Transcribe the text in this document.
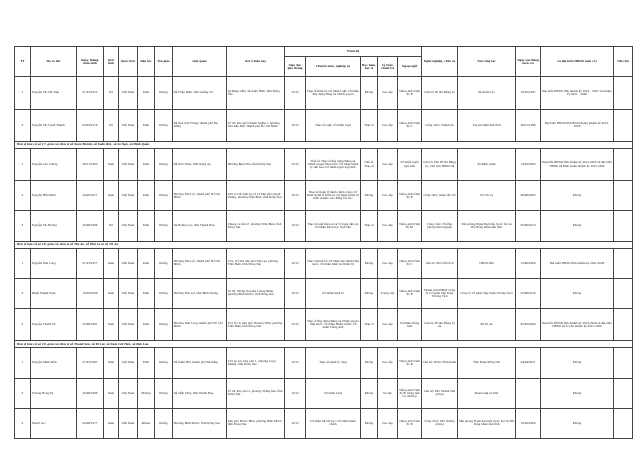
TT	Họ và tên	Ngày, tháng, năm sinh	Giới tính	Quốc tịch	Dân tộc	Tôn giáo	Quê quán	Nơi ở hiện nay	Trình độ					Nghề nghiệp, chức vụ	Nơi công tác	Ngày vào Đảng (nếu có)	Là đại biểu HĐND (nếu có)	Ghi chú
									Giáo dục phổ thông	Chuyên môn, nghiệp vụ	Học hàm, học vị	Lý luận chính trị	Ngoại ngữ					
1	Nguyễn Thị Cát Tiên	01/01/1975	Nữ	Việt Nam	Kinh	Không	Xã Triệu Bình, tỉnh Quảng Trị	Ấp Bàng Cẩm, xã Xuân Bình, tỉnh Đồng Nai	12/12	Thạc sĩ Kinh tế; Cử nhân Luật; Cử nhân Xây dựng đảng và Chính quyền	Không	Cao cấp	Tiếng Anh trình độ B	Cán bộ; Bí thư Đảng ủy	Xã Xuân Lộc	19/10/1997	Đại biểu HĐND tỉnh nhiệm kỳ 2016 – 2021 và nhiệm kỳ 2021 – 2026	
2	Nguyễn Thị Tuyết Thanh	03/03/1978	Nữ	Việt Nam	Kinh	Không	Xã Quế Sơn Trung, thành phố Đà Nẵng	Tổ 36, khu phố Chánh Nghĩa 1, phường Thủ Dầu Một, thành phố Hồ Chí Minh	12/12	Thạc sĩ Luật; Cử nhân Luật	Thạc sĩ	Cao cấp	Tiếng Anh trình độ C	Công chức; Chánh án	Tòa án nhân dân tỉnh	28/12/1996	Đại biểu HĐND tỉnh Bình Dương nhiệm kỳ 2021-2026	
Đơn vị bầu cử số 17, gồm các đơn vị xã Xuân Thành, xã Xuân Bắc, xã La Ngà, xã Định Quán																		
1	Nguyễn Cao Cường	26/11/1983	Nam	Việt Nam	Kinh	Không	Xã Như Châu, tỉnh Nghệ An	Phường Biên Hòa, tỉnh Đồng Nai	12/12	Tiến sĩ; Thạc sĩ Xây dựng Đảng và Chính quyền Nhà nước; Cử nhân Quản lý văn hóa; Cử nhân ngôn ngữ Anh	Tiến sĩ, Thạc sĩ	Cao cấp	Cử nhân ngôn ngữ Anh	Cán bộ; Phó Bí thư Đảng ủy; Chủ tịch HĐND xã	Xã Định Quán	14/05/2003	Đại biểu HĐND tỉnh nhiệm kỳ 2021-2026 và đại biểu HĐND xã Định Quán nhiệm kỳ 2021-2026	
2	Nguyễn Hữu Định	24/05/1977	Nam	Việt Nam	Kinh	Không	Phường Tân Lộc, thành phố Hồ Chí Minh	K10 Cư xá Tình sự, tổ 15 khu phố Quyết Thắng, phường Trấn Biên, tỉnh Đồng Nai	12/12	Thạc sĩ Quản lý hành chính công; Cử nhân Quản lý Kinh tế; Cử nhân Quản trị kinh doanh; Cao đẳng Tin học	Không	Cao cấp	Tiếng Anh trình độ B	Công chức; Giám đốc Sở	Sở Nội vụ	08/08/2002	Không	
3	Nguyễn Thị Hương	20/08/1984	Nữ	Việt Nam	Kinh	Không	Xã Hoằng Lộc, tỉnh Thanh Hóa	Chung cư A9-A7, phường Trấn Biên, tỉnh Đồng Nai	12/12	Thạc sĩ Luật Dân sự và Tố tụng dân sự; Cử nhân Khoa học Ngữ văn	Thạc sĩ	Cao cấp	Tiếng Anh trình độ B1	Công chức; Trưởng phòng Dân nguyện	Văn phòng Đoàn Đại biểu Quốc hội và Hội đồng nhân dân tỉnh	05/09/2010	Không	
Đơn vị bầu cử số 18, gồm các đơn vị xã Tân An, xã Phú Lý và xã Trị An																		
1	Nguyễn Kim Long	01/01/1977	Nam	Việt Nam	Kinh	Không	Phường Tân Lộc, thành phố Hồ Chí Minh	C12, tổ 12D, khu phố Tân Lại, phường Trấn Biên, tỉnh Đồng Nai	12/12	Thạc sĩ Kinh tế; Cử nhân Tài chính Nhà nước; Cử nhân Kinh tế Chính trị	Không	Cao cấp	Tiếng Anh trình độ C	Cán bộ; Phó Chủ tịch	UBND tỉnh	13/08/2008	Đại biểu HĐND tỉnh nhiệm kỳ 2021-2026	
2	Phạm Thành Nam	19/05/1989	Nam	Việt Nam	Kinh	Không	Phường Hòa Lợi, tỉnh Bình Dương	Số 05, đường Nguyễn Lương Bằng, phường Bình Phước, tỉnh Đồng Nai	12/12	Cử nhân Kinh tế	Không	Trung cấp	Tiếng Anh trình độ B	Thành viên HĐQT Công ty Cổ phần Tập đoàn Trường Tươi	Công ty Cổ phần Tập đoàn Trường Tươi	07/06/2016	Không	
3	Nguyễn Thanh Tú	25/09/1981	Nam	Việt Nam	Kinh	Không	Phường Tam Long, thành phố Hồ Chí Minh	Z13 tổ 10, khu phố Thương Trấn, phường Trấn Biên, tỉnh Đồng Nai	12/12	Thạc sĩ Xây dựng Đảng và Chính quyền Nhà nước; Cử nhân Hành chính; Cử nhân Tiếng Anh	Thạc sĩ	Cao cấp	Cử nhân Tiếng Anh	Cán bộ; Bí thư Đảng ủy xã	Xã Trị An	05/03/2009	Đại biểu HĐND tỉnh nhiệm kỳ 2021-2026 và đại biểu HĐND xã Trị An nhiệm kỳ 2021-2026	
Đơn vị bầu cử số 19, gồm các đơn vị xã Thanh Sơn, xã Tà Lài, xã Nam Cát Tiên, xã Đak Lua																		
1	Nguyễn Minh Kiên	07/07/1987	Nam	Việt Nam	Kinh	Không	Xã Xuân Phú, thành phố Đà Nẵng	273 Lê Lợi, khu phố 1, phường Long Khánh, tỉnh Đồng Nai	12/12	Thạc sĩ Quản lý công	Không	Cao cấp	Tiếng Anh trình độ B	Cán bộ; Bí thư Tỉnh Đoàn	Tỉnh Đoàn Đồng Nai	04/04/2011	Không	
2	Trương Hồng Ký	20/06/1986	Nam	Việt Nam	Mường	Không	Xã Cẩm Thủy, tỉnh Thanh Hóa	Tổ 29, khu phố 2, phường Trảng Dài, tỉnh Đồng Nai	12/12	Cử nhân Luật	Không	Sơ cấp	Tiếng Anh trình độ B; tiếng dân tộc Mường	Cán bộ; Phó Chánh Văn phòng	Đoàn Luật sư tỉnh		Không	
3	Thạch Lực	04/06/1977	Nam	Việt Nam	Khmer	Không	Phường Bình Phước, tỉnh Đồng Nai	Khu phố Phước Bình, phường Bình Phước, tỉnh Đồng Nai	12/12	Cử nhân Xã hội học; Cử nhân hành chính	Không	Cao cấp	Tiếng Anh trình độ B	Công chức; Phó trưởng phòng	Văn phòng Đoàn đại biểu Quốc hội và Hội đồng nhân dân tỉnh	10/03/2006	Không	
